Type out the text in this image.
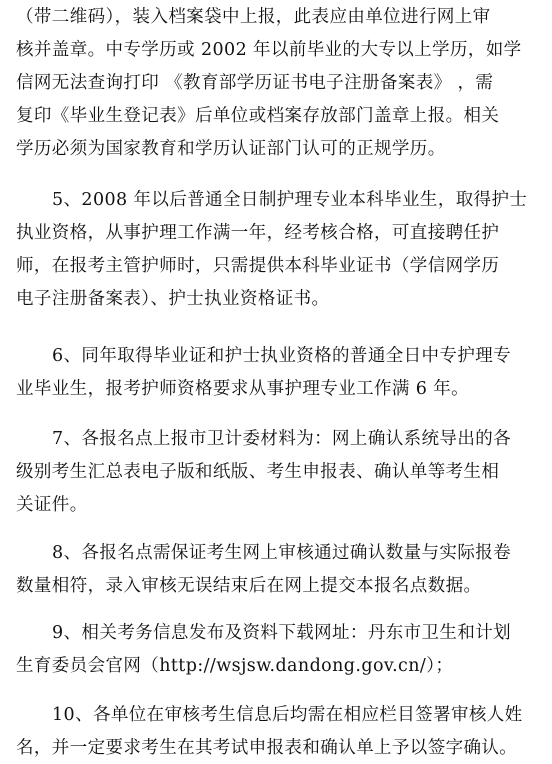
（带二维码），装入档案袋中上报，此表应由单位进行网上审
核并盖章。中专学历或 2002 年以前毕业的大专以上学历，如学
信网无法查询打印 《教育部学历证书电子注册备案表》 ，需
复印《毕业生登记表》后单位或档案存放部门盖章上报。相关
学历必须为国家教育和学历认证部门认可的正规学历。
5、2008 年以后普通全日制护理专业本科毕业生，取得护士
执业资格，从事护理工作满一年，经考核合格，可直接聘任护
师，在报考主管护师时，只需提供本科毕业证书（学信网学历
电子注册备案表）、护士执业资格证书。
6、同年取得毕业证和护士执业资格的普通全日中专护理专
业毕业生，报考护师资格要求从事护理专业工作满 6 年。
7、各报名点上报市卫计委材料为：网上确认系统导出的各
级别考生汇总表电子版和纸版、考生申报表、确认单等考生相
关证件。
8、各报名点需保证考生网上审核通过确认数量与实际报卷
数量相符，录入审核无误结束后在网上提交本报名点数据。
9、相关考务信息发布及资料下载网址：丹东市卫生和计划
生育委员会官网（http://wsjsw.dandong.gov.cn/）；
10、各单位在审核考生信息后均需在相应栏目签署审核人姓
名，并一定要求考生在其考试申报表和确认单上予以签字确认。
